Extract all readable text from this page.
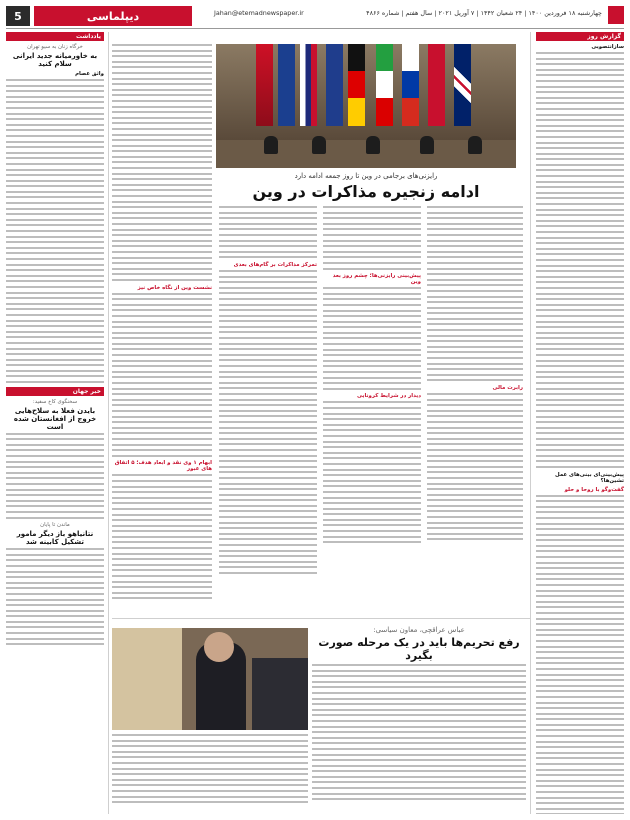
چهارشنبه ۱۸ فروردین ۱۴۰۰ | ۲۴ شعبان ۱۴۴۲ | ۷ آوریل ۲۰۲۱ | سال هفتم | شماره ۴۸۶۶
Jahan@etemadnewspaper.ir
دیپلماسی
5
گزارش روز
سازانتصوبی
پیش‌بینی‌ای بینی‌های عمل تشین‌ها؟
گفت‌وگو با روحا و حلو
رایزنی‌های برجامی در وین تا روز جمعه ادامه دارد
ادامه زنجیره مذاکرات در وین
رابرت مالی
پیش‌بینی رایزنی‌ها؛ چشم روز بعد وین
دیدار در شرایط کرونایی
تمرکز مذاکرات بر گام‌های بعدی
نشست وین از نگاه خاص نیز
ابهام ۱ وی نقد و ابعاد هدف؛ ۵ اتفاق های عبور
عباس عراقچی، معاون سیاسی:
رفع تحریم‌ها باید در یک مرحله صورت بگیرد
یادداشت
خرگاه زنان به سیو تهران
به خاورمیانه جدید ایرانی سلام کنید
واثق عصام
خبر جهان
سخنگوی کاخ سفید:
بایدن فعلا به سلاح‌هایی خروج از افغانستان شده است
ماندن تا پایان
نتانیاهو باز دیگر مامور تشکیل کابینه شد
